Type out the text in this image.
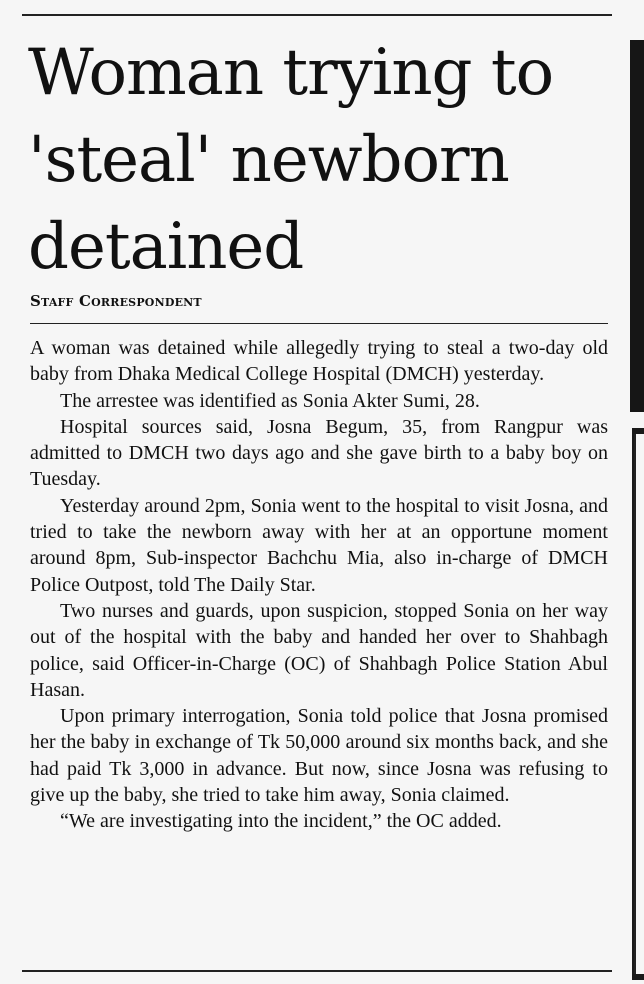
Woman trying to
'steal' newborn
detained
Staff Correspondent

A woman was detained while allegedly trying to steal a two-day old baby from Dhaka Medical College Hospital (DMCH) yesterday.

The arrestee was identified as Sonia Akter Sumi, 28.

Hospital sources said, Josna Begum, 35, from Rangpur was admitted to DMCH two days ago and she gave birth to a baby boy on Tuesday.

Yesterday around 2pm, Sonia went to the hospital to visit Josna, and tried to take the newborn away with her at an opportune moment around 8pm, Sub-inspector Bachchu Mia, also in-charge of DMCH Police Outpost, told The Daily Star.

Two nurses and guards, upon suspicion, stopped Sonia on her way out of the hospital with the baby and handed her over to Shahbagh police, said Officer-in-Charge (OC) of Shahbagh Police Station Abul Hasan.

Upon primary interrogation, Sonia told police that Josna promised her the baby in exchange of Tk 50,000 around six months back, and she had paid Tk 3,000 in advance. But now, since Josna was refusing to give up the baby, she tried to take him away, Sonia claimed.

“We are investigating into the incident,” the OC added.
